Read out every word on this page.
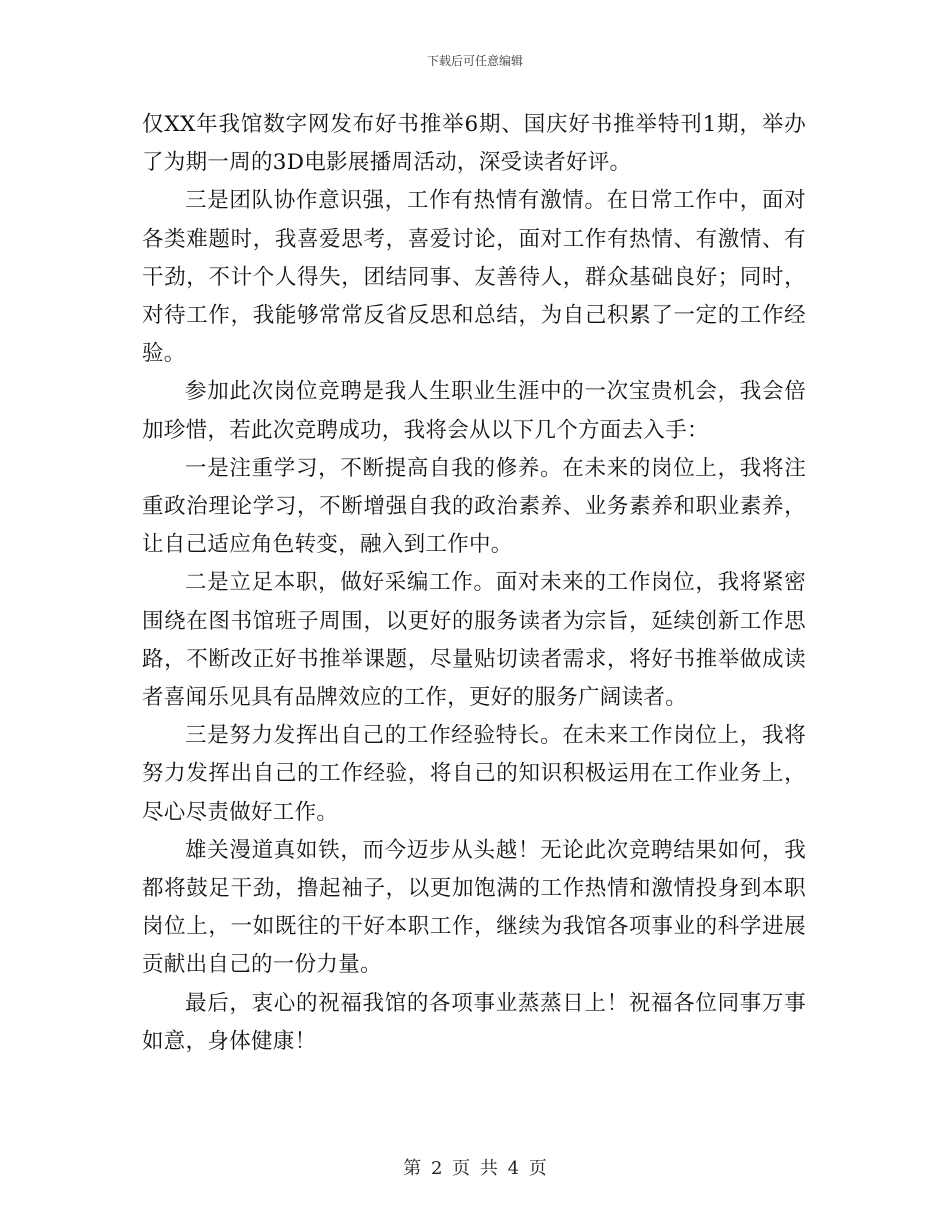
下载后可任意编辑

仅XX年我馆数字网发布好书推举6期、国庆好书推举特刊1期，举办了为期一周的3D电影展播周活动，深受读者好评。

三是团队协作意识强，工作有热情有激情。在日常工作中，面对各类难题时，我喜爱思考，喜爱讨论，面对工作有热情、有激情、有干劲，不计个人得失，团结同事、友善待人，群众基础良好；同时，对待工作，我能够常常反省反思和总结，为自己积累了一定的工作经验。

参加此次岗位竞聘是我人生职业生涯中的一次宝贵机会，我会倍加珍惜，若此次竞聘成功，我将会从以下几个方面去入手：

一是注重学习，不断提高自我的修养。在未来的岗位上，我将注重政治理论学习，不断增强自我的政治素养、业务素养和职业素养，让自己适应角色转变，融入到工作中。

二是立足本职，做好采编工作。面对未来的工作岗位，我将紧密围绕在图书馆班子周围，以更好的服务读者为宗旨，延续创新工作思路，不断改正好书推举课题，尽量贴切读者需求，将好书推举做成读者喜闻乐见具有品牌效应的工作，更好的服务广阔读者。

三是努力发挥出自己的工作经验特长。在未来工作岗位上，我将努力发挥出自己的工作经验，将自己的知识积极运用在工作业务上，尽心尽责做好工作。

雄关漫道真如铁，而今迈步从头越！无论此次竞聘结果如何，我都将鼓足干劲，撸起袖子，以更加饱满的工作热情和激情投身到本职岗位上，一如既往的干好本职工作，继续为我馆各项事业的科学进展贡献出自己的一份力量。

最后，衷心的祝福我馆的各项事业蒸蒸日上！祝福各位同事万事如意，身体健康！

第 2 页 共 4 页
